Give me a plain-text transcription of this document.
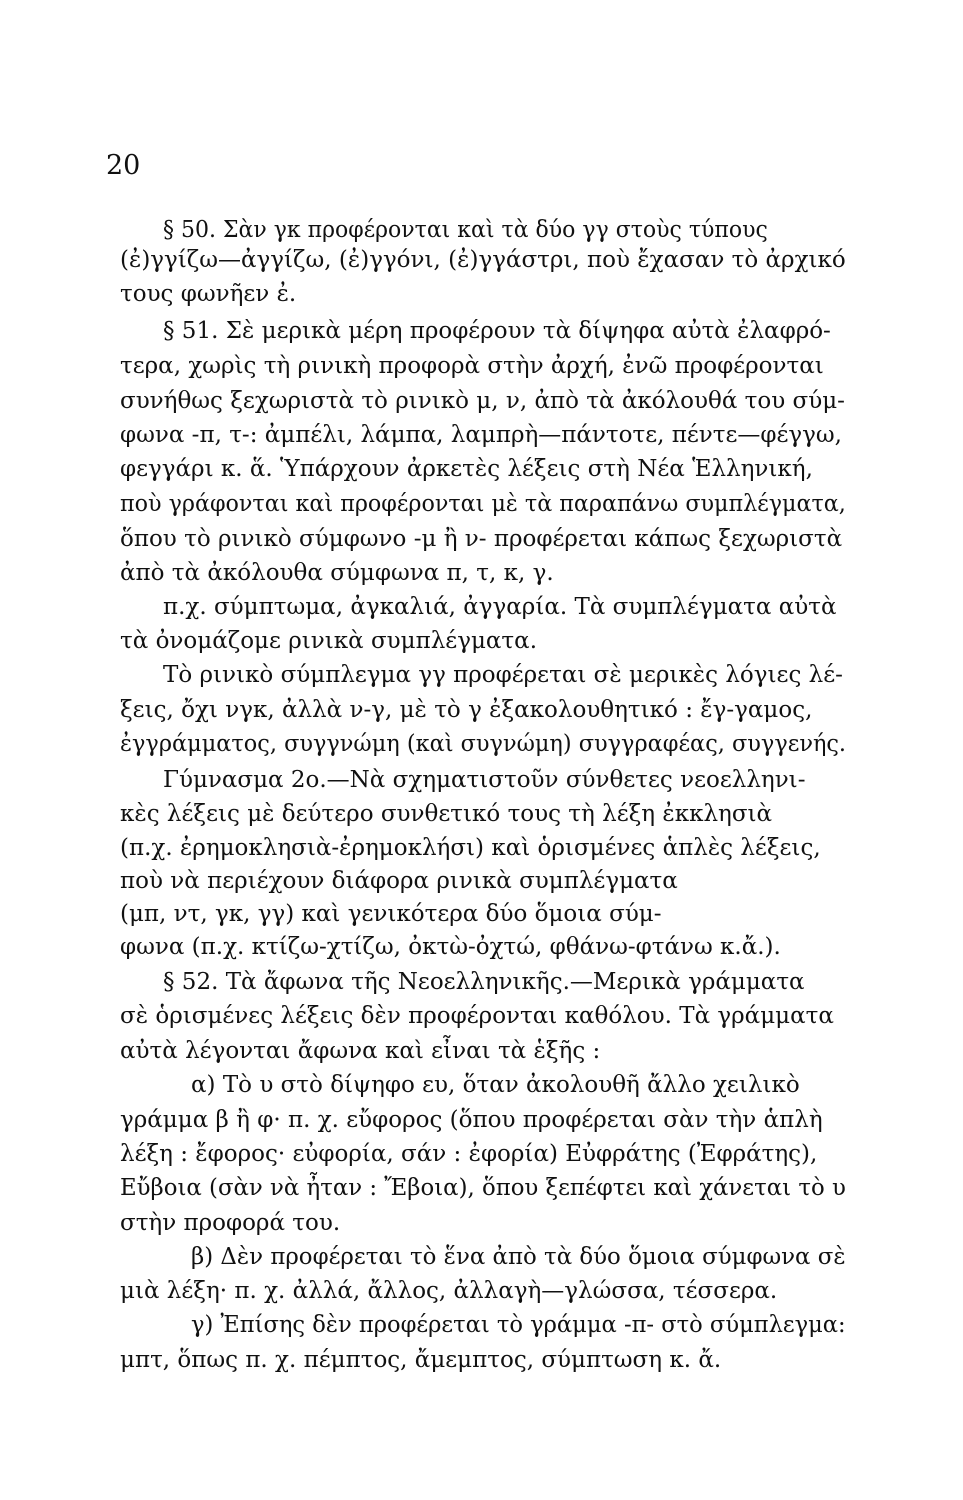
20
§ 50. Σὰν γκ προφέρονται καὶ τὰ δύο γγ στοὺς τύπους
(ἐ)γγίζω—ἀγγίζω, (ἐ)γγόνι, (ἐ)γγάστρι, ποὺ ἔχασαν τὸ ἀρχικό
τους φωνῆεν ἐ.
§ 51. Σὲ μερικὰ μέρη προφέρουν τὰ δίψηφα αὐτὰ ἐλαφρό-
τερα, χωρὶς τὴ ρινικὴ προφορὰ στὴν ἀρχή, ἐνῶ προφέρονται
συνήθως ξεχωριστὰ τὸ ρινικὸ μ, ν, ἀπὸ τὰ ἀκόλουθά του σύμ-
φωνα -π, τ-: ἀμπέλι, λάμπα, λαμπρὴ—πάντοτε, πέντε—φέγγω,
φεγγάρι κ. ἅ. Ὑπάρχουν ἀρκετὲς λέξεις στὴ Νέα Ἑλληνική,
ποὺ γράφονται καὶ προφέρονται μὲ τὰ παραπάνω συμπλέγματα,
ὅπου τὸ ρινικὸ σύμφωνο -μ ἢ ν- προφέρεται κάπως ξεχωριστὰ
ἀπὸ τὰ ἀκόλουθα σύμφωνα π, τ, κ, γ.
π.χ. σύμπτωμα, ἀγκαλιά, ἀγγαρία. Τὰ συμπλέγματα αὐτὰ
τὰ ὀνομάζομε ρινικὰ συμπλέγματα.
Τὸ ρινικὸ σύμπλεγμα γγ προφέρεται σὲ μερικὲς λόγιες λέ-
ξεις, ὄχι νγκ, ἀλλὰ ν-γ, μὲ τὸ γ ἐξακολουθητικό : ἔγ-γαμος,
ἐγγράμματος, συγγνώμη (καὶ συγνώμη) συγγραφέας, συγγενής.
Γύμνασμα 2ο.—Νὰ σχηματιστοῦν σύνθετες νεοελληνι-
κὲς λέξεις μὲ δεύτερο συνθετικό τους τὴ λέξη ἐκκλησιὰ
(π.χ. ἐρημοκλησιὰ-ἐρημοκλήσι) καὶ ὁρισμένες ἁπλὲς λέξεις,
ποὺ νὰ περιέχουν διάφορα ρινικὰ συμπλέγματα
(μπ, ντ, γκ, γγ) καὶ γενικότερα δύο ὅμοια σύμ-
φωνα (π.χ. κτίζω-χτίζω, ὀκτὼ-ὀχτώ, φθάνω-φτάνω κ.ἄ.).
§ 52. Τὰ ἄφωνα τῆς Νεοελληνικῆς.—Μερικὰ γράμματα
σὲ ὁρισμένες λέξεις δὲν προφέρονται καθόλου. Τὰ γράμματα
αὐτὰ λέγονται ἄφωνα καὶ εἶναι τὰ ἑξῆς :
α) Τὸ υ στὸ δίψηφο ευ, ὅταν ἀκολουθῆ ἄλλο χειλικὸ
γράμμα β ἢ φ· π. χ. εὔφορος (ὅπου προφέρεται σὰν τὴν ἁπλὴ
λέξη : ἔφορος· εὐφορία, σάν : ἐφορία) Εὐφράτης (Ἐφράτης),
Εὔβοια (σὰν νὰ ἦταν : Ἔβοια), ὅπου ξεπέφτει καὶ χάνεται τὸ υ
στὴν προφορά του.
β) Δὲν προφέρεται τὸ ἕνα ἀπὸ τὰ δύο ὅμοια σύμφωνα σὲ
μιὰ λέξη· π. χ. ἀλλά, ἄλλος, ἀλλαγὴ—γλώσσα, τέσσερα.
γ) Ἐπίσης δὲν προφέρεται τὸ γράμμα -π- στὸ σύμπλεγμα:
μπτ, ὅπως π. χ. πέμπτος, ἄμεμπτος, σύμπτωση κ. ἄ.
